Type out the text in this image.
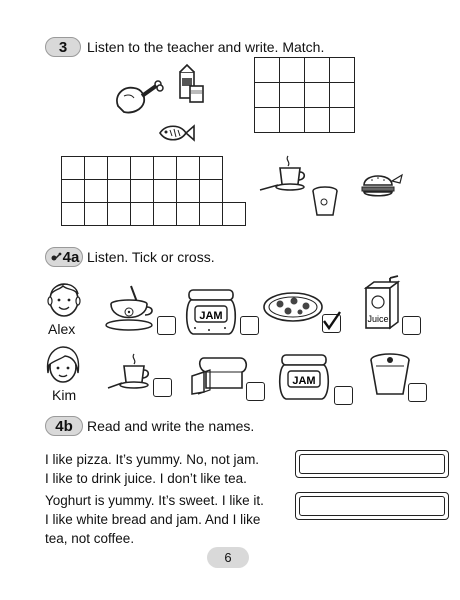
3	Listen to the teacher and write. Match.

4a Listen. Tick or cross.
Alex
JAM	Juice
Kim
JAM
4b	Read and write the names.
I like pizza. It’s yummy. No, not jam.
I like to drink juice. I don’t like tea.
Yoghurt is yummy. It’s sweet. I like it.
I like white bread and jam. And I like
tea, not coffee.
6
